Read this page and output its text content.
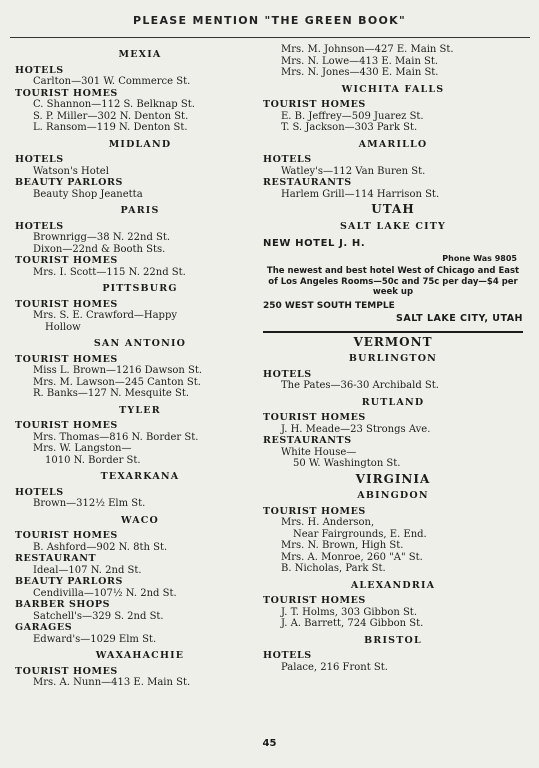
PLEASE MENTION "THE GREEN BOOK"
MEXIA
HOTELS
Carlton—301 W. Commerce St.
TOURIST HOMES
C. Shannon—112 S. Belknap St.
S. P. Miller—302 N. Denton St.
L. Ransom—119 N. Denton St.
MIDLAND
HOTELS
Watson's Hotel
BEAUTY PARLORS
Beauty Shop Jeanetta
PARIS
HOTELS
Brownrigg—38 N. 22nd St.
Dixon—22nd & Booth Sts.
TOURIST HOMES
Mrs. I. Scott—115 N. 22nd St.
PITTSBURG
TOURIST HOMES
Mrs. S. E. Crawford—Happy
Hollow
SAN ANTONIO
TOURIST HOMES
Miss L. Brown—1216 Dawson St.
Mrs. M. Lawson—245 Canton St.
R. Banks—127 N. Mesquite St.
TYLER
TOURIST HOMES
Mrs. Thomas—816 N. Border St.
Mrs. W. Langston—
1010 N. Border St.
TEXARKANA
HOTELS
Brown—312½ Elm St.
WACO
TOURIST HOMES
B. Ashford—902 N. 8th St.
RESTAURANT
Ideal—107 N. 2nd St.
BEAUTY PARLORS
Cendivilla—107½ N. 2nd St.
BARBER SHOPS
Satchell's—329 S. 2nd St.
GARAGES
Edward's—1029 Elm St.
WAXAHACHIE
TOURIST HOMES
Mrs. A. Nunn—413 E. Main St.
Mrs. M. Johnson—427 E. Main St.
Mrs. N. Lowe—413 E. Main St.
Mrs. N. Jones—430 E. Main St.
WICHITA FALLS
TOURIST HOMES
E. B. Jeffrey—509 Juarez St.
T. S. Jackson—303 Park St.
AMARILLO
HOTELS
Watley's—112 Van Buren St.
RESTAURANTS
Harlem Grill—114 Harrison St.
UTAH
SALT LAKE CITY
NEW HOTEL J. H.
Phone Was 9805
The newest and best hotel West of Chicago and East of Los Angeles Rooms—50c and 75c per day—$4 per week up
250 WEST SOUTH TEMPLE
SALT LAKE CITY, UTAH
VERMONT
BURLINGTON
HOTELS
The Pates—36-30 Archibald St.
RUTLAND
TOURIST HOMES
J. H. Meade—23 Strongs Ave.
RESTAURANTS
White House—
50 W. Washington St.
VIRGINIA
ABINGDON
TOURIST HOMES
Mrs. H. Anderson,
Near Fairgrounds, E. End.
Mrs. N. Brown, High St.
Mrs. A. Monroe, 260 "A" St.
B. Nicholas, Park St.
ALEXANDRIA
TOURIST HOMES
J. T. Holms, 303 Gibbon St.
J. A. Barrett, 724 Gibbon St.
BRISTOL
HOTELS
Palace, 216 Front St.
45
